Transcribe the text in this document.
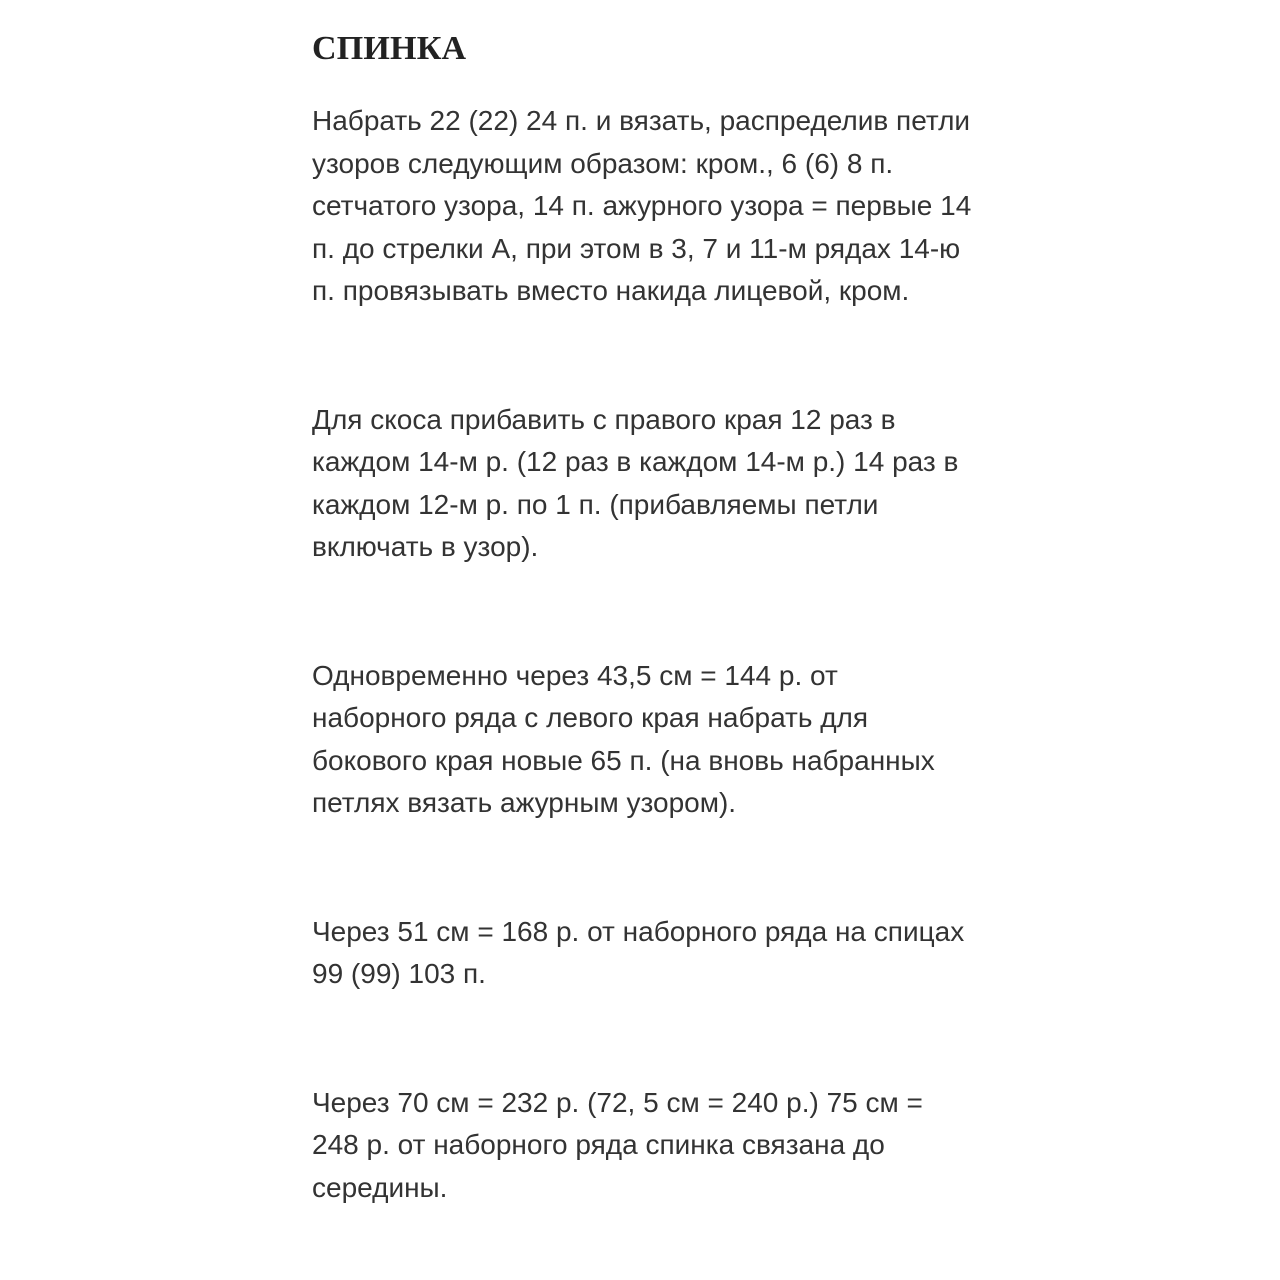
СПИНКА

Набрать 22 (22) 24 п. и вязать, распределив петли узоров следующим образом: кром., 6 (6) 8 п. сетчатого узора, 14 п. ажурного узора = первые 14 п. до стрелки А, при этом в 3, 7 и 11-м рядах 14-ю п. провязывать вместо накида лицевой, кром.

Для скоса прибавить с правого края 12 раз в каждом 14-м р. (12 раз в каждом 14-м р.) 14 раз в каждом 12-м р. по 1 п. (прибавляемы петли включать в узор).

Одновременно через 43,5 см = 144 р. от наборного ряда с левого края набрать для бокового края новые 65 п. (на вновь набранных петлях вязать ажурным узором).

Через 51 см = 168 р. от наборного ряда на спицах 99 (99) 103 п.

Через 70 см = 232 р. (72, 5 см = 240 р.) 75 см = 248 р. от наборного ряда спинка связана до середины.
